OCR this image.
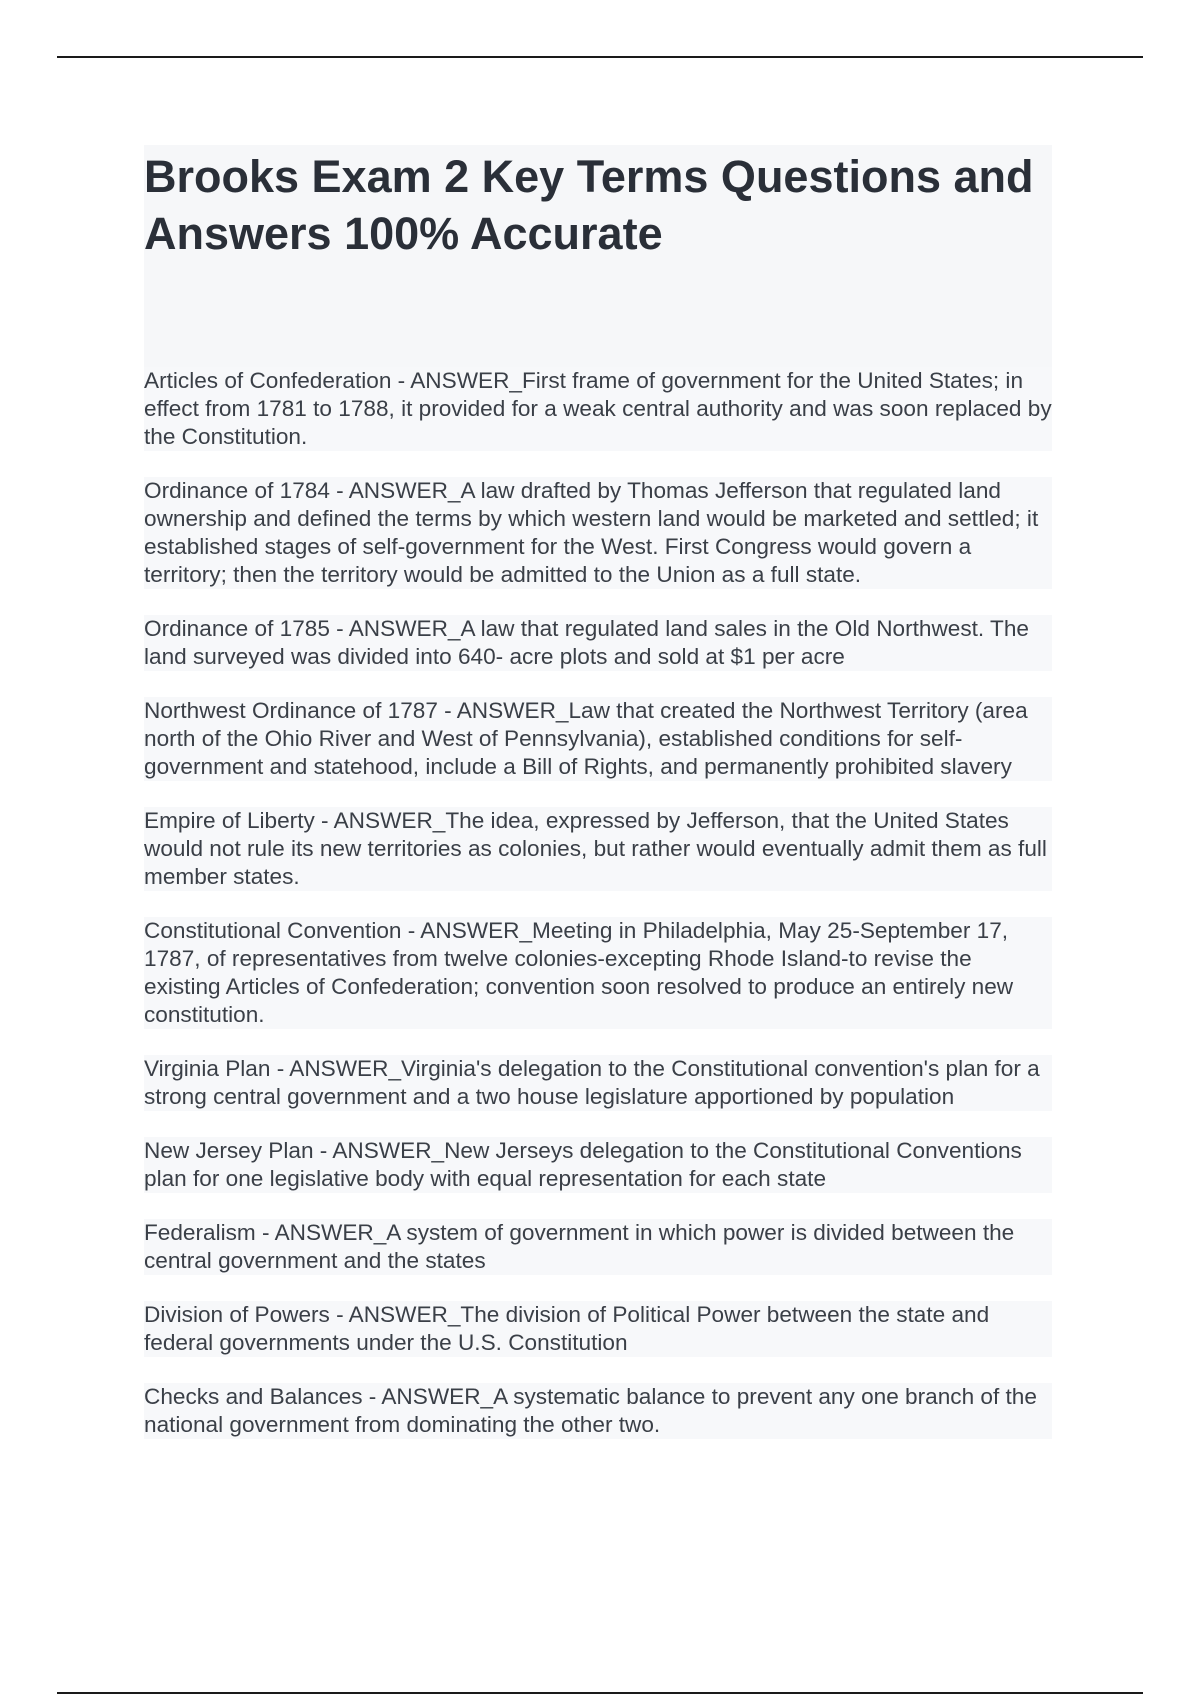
Brooks Exam 2 Key Terms Questions and Answers 100% Accurate

Articles of Confederation - ANSWER_First frame of government for the United States; in effect from 1781 to 1788, it provided for a weak central authority and was soon replaced by the Constitution.

Ordinance of 1784 - ANSWER_A law drafted by Thomas Jefferson that regulated land ownership and defined the terms by which western land would be marketed and settled; it established stages of self-government for the West. First Congress would govern a territory; then the territory would be admitted to the Union as a full state.

Ordinance of 1785 - ANSWER_A law that regulated land sales in the Old Northwest. The land surveyed was divided into 640- acre plots and sold at $1 per acre

Northwest Ordinance of 1787 - ANSWER_Law that created the Northwest Territory (area north of the Ohio River and West of Pennsylvania), established conditions for self-government and statehood, include a Bill of Rights, and permanently prohibited slavery

Empire of Liberty - ANSWER_The idea, expressed by Jefferson, that the United States would not rule its new territories as colonies, but rather would eventually admit them as full member states.

Constitutional Convention - ANSWER_Meeting in Philadelphia, May 25-September 17, 1787, of representatives from twelve colonies-excepting Rhode Island-to revise the existing Articles of Confederation; convention soon resolved to produce an entirely new constitution.

Virginia Plan - ANSWER_Virginia's delegation to the Constitutional convention's plan for a strong central government and a two house legislature apportioned by population

New Jersey Plan - ANSWER_New Jerseys delegation to the Constitutional Conventions plan for one legislative body with equal representation for each state

Federalism - ANSWER_A system of government in which power is divided between the central government and the states

Division of Powers - ANSWER_The division of Political Power between the state and federal governments under the U.S. Constitution

Checks and Balances - ANSWER_A systematic balance to prevent any one branch of the national government from dominating the other two.
